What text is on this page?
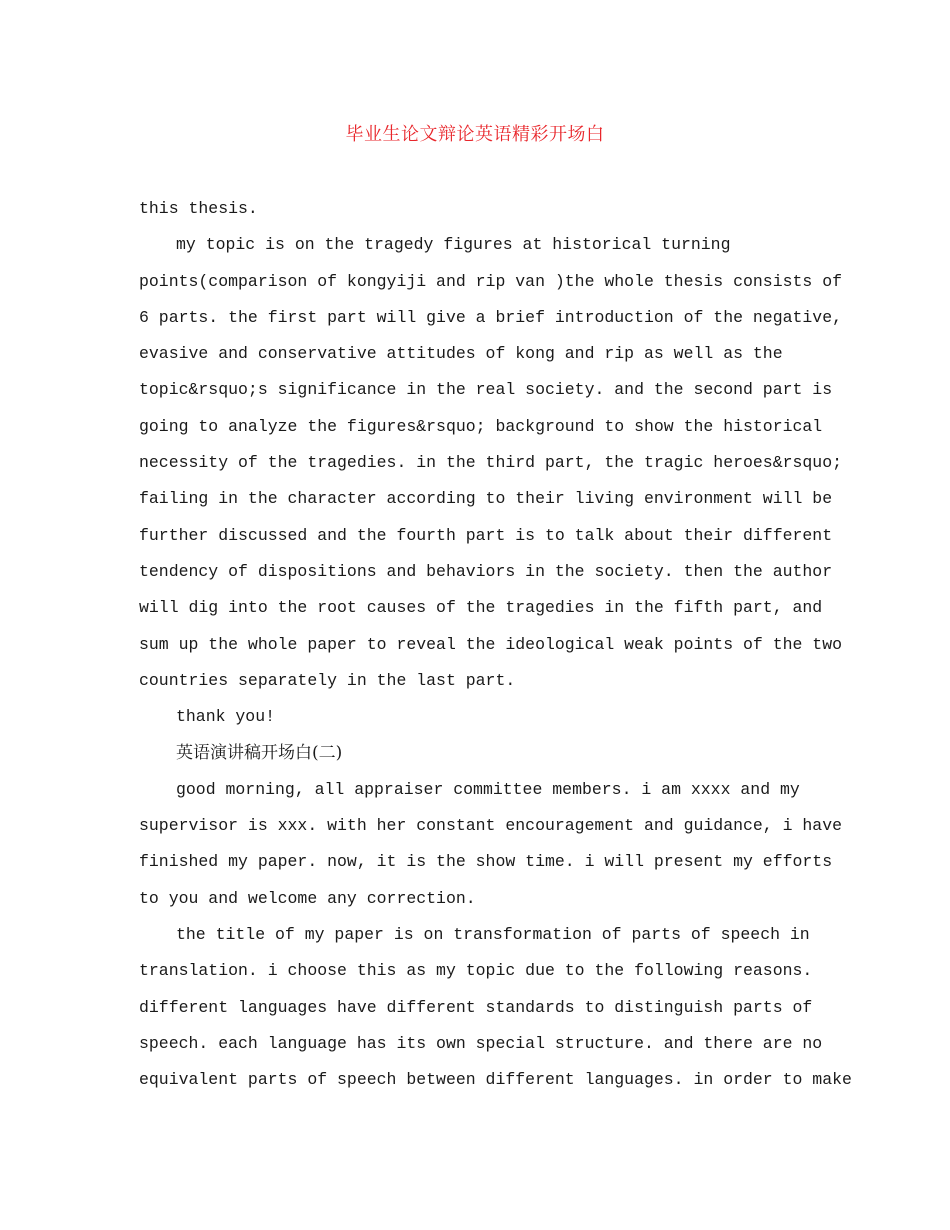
毕业生论文辩论英语精彩开场白
this thesis.
my topic is on the tragedy figures at historical turning
points(comparison of kongyiji and rip van )the whole thesis consists of
6 parts. the first part will give a brief introduction of the negative,
evasive and conservative attitudes of kong and rip as well as the
topic&rsquo;s significance in the real society. and the second part is
going to analyze the figures&rsquo; background to show the historical
necessity of the tragedies. in the third part, the tragic heroes&rsquo;
failing in the character according to their living environment will be
further discussed and the fourth part is to talk about their different
tendency of dispositions and behaviors in the society. then the author
will dig into the root causes of the tragedies in the fifth part, and
sum up the whole paper to reveal the ideological weak points of the two
countries separately in the last part.
thank you!
英语演讲稿开场白(二)
good morning, all appraiser committee members. i am xxxx and my
supervisor is xxx. with her constant encouragement and guidance, i have
finished my paper. now, it is the show time. i will present my efforts
to you and welcome any correction.
the title of my paper is on transformation of parts of speech in
translation. i choose this as my topic due to the following reasons.
different languages have different standards to distinguish parts of
speech. each language has its own special structure. and there are no
equivalent parts of speech between different languages. in order to make
